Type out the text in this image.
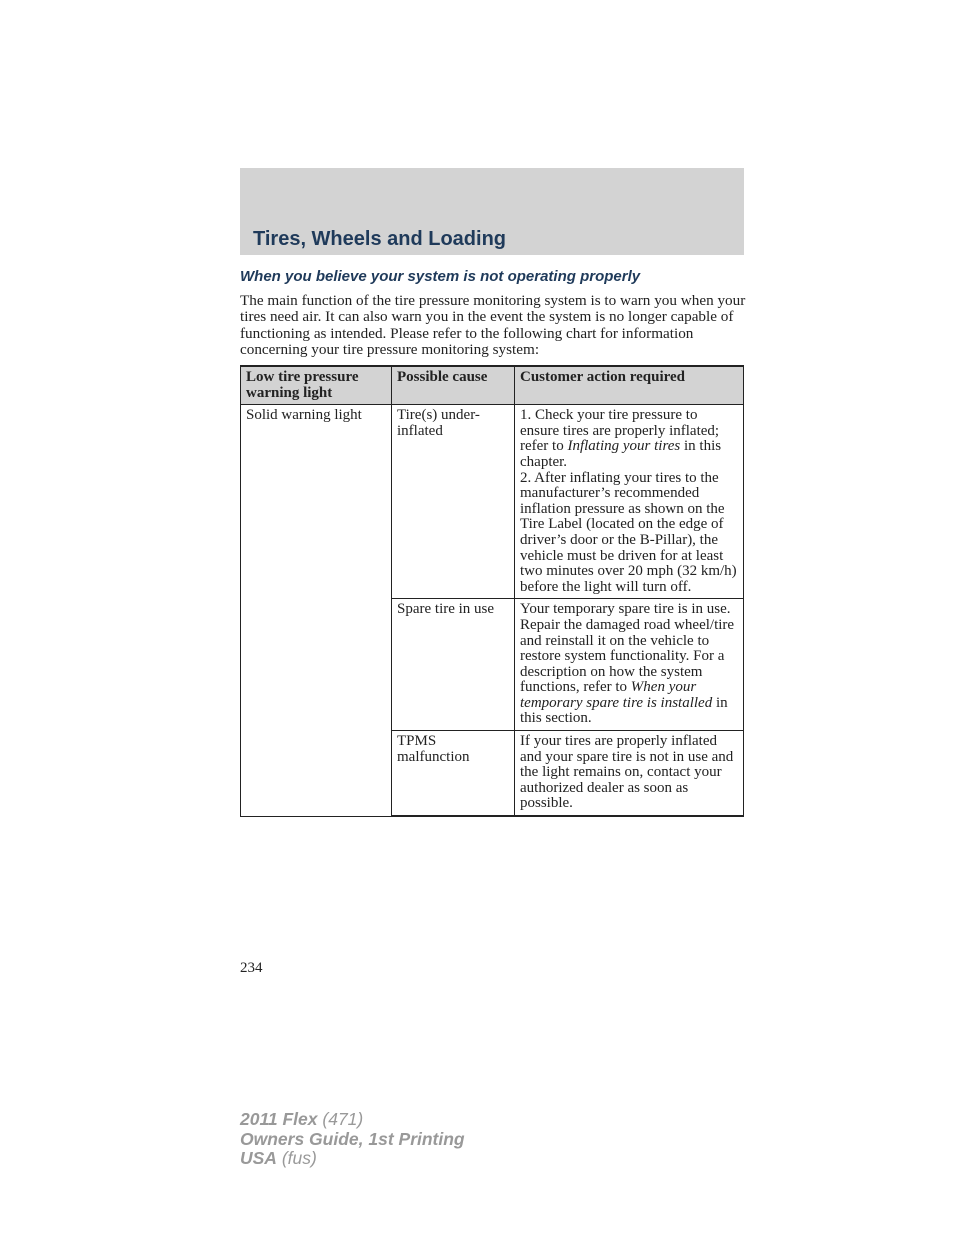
Tires, Wheels and Loading
When you believe your system is not operating properly

The main function of the tire pressure monitoring system is to warn you when your tires need air. It can also warn you in the event the system is no longer capable of functioning as intended. Please refer to the following chart for information concerning your tire pressure monitoring system:

Low tire pressure warning light	Possible cause	Customer action required
Solid warning light	Tire(s) under-inflated	1. Check your tire pressure to ensure tires are properly inflated; refer to Inflating your tires in this chapter.
2. After inflating your tires to the manufacturer’s recommended inflation pressure as shown on the Tire Label (located on the edge of driver’s door or the B-Pillar), the vehicle must be driven for at least two minutes over 20 mph (32 km/h) before the light will turn off.
	Spare tire in use	Your temporary spare tire is in use. Repair the damaged road wheel/tire and reinstall it on the vehicle to restore system functionality. For a description on how the system functions, refer to When your temporary spare tire is installed in this section.
	TPMS malfunction	If your tires are properly inflated and your spare tire is not in use and the light remains on, contact your authorized dealer as soon as possible.
234
2011 Flex (471)
Owners Guide, 1st Printing
USA (fus)
